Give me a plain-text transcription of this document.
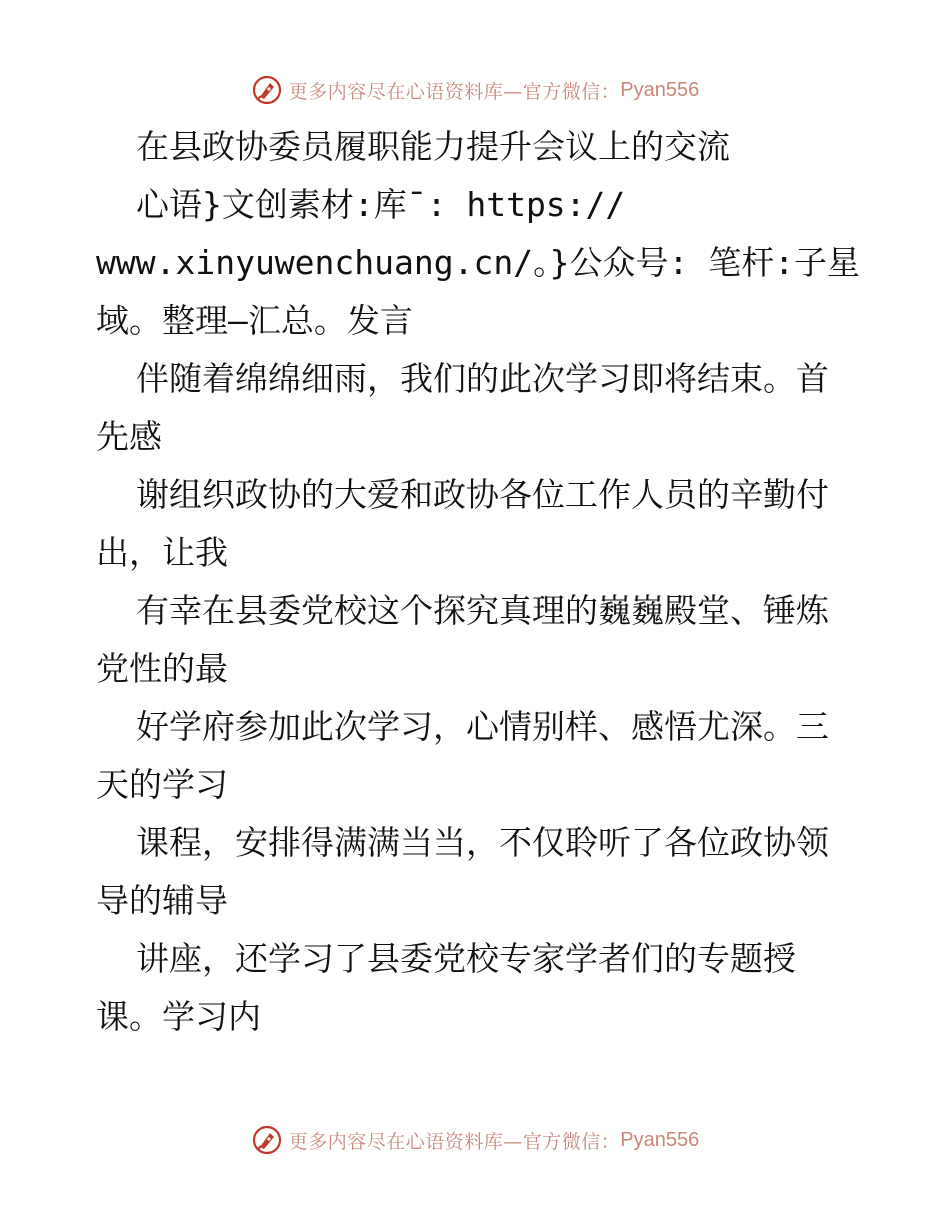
更多内容尽在心语资料库—官方微信： Pyan556
在县政协委员履职能力提升会议上的交流
心语}文创素材:库¯: https://
www.xinyuwenchuang.cn/。}公众号: 笔杆:子星
域。整理—汇总。发言
伴随着绵绵细雨，我们的此次学习即将结束。首
先感
谢组织政协的大爱和政协各位工作人员的辛勤付
出，让我
有幸在县委党校这个探究真理的巍巍殿堂、锤炼
党性的最
好学府参加此次学习，心情别样、感悟尤深。三
天的学习
课程，安排得满满当当，不仅聆听了各位政协领
导的辅导
讲座，还学习了县委党校专家学者们的专题授
课。学习内
更多内容尽在心语资料库—官方微信： Pyan556
